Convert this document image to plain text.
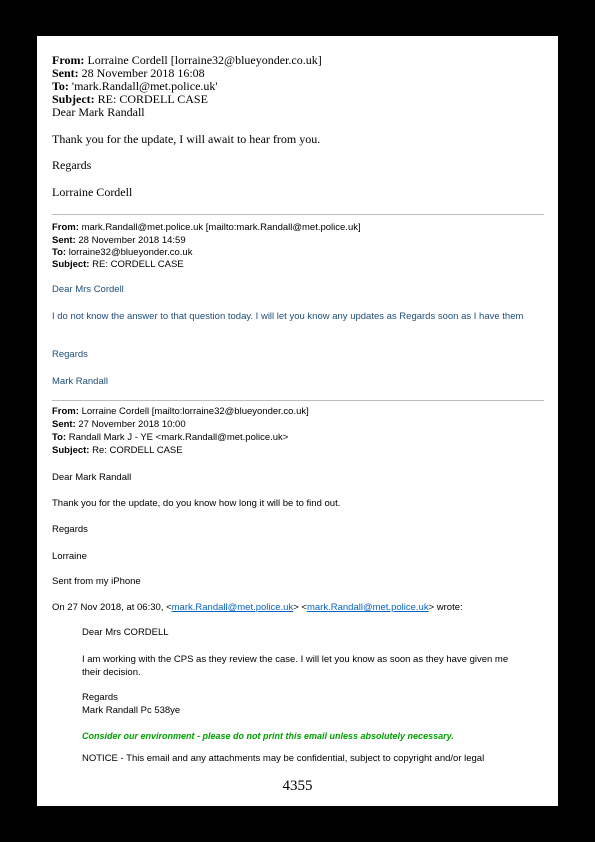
From: Lorraine Cordell [lorraine32@blueyonder.co.uk]
Sent: 28 November 2018 16:08
To: 'mark.Randall@met.police.uk'
Subject: RE: CORDELL CASE
Dear Mark Randall
Thank you for the update, I will await to hear from you.
Regards
Lorraine Cordell
From: mark.Randall@met.police.uk [mailto:mark.Randall@met.police.uk]
Sent: 28 November 2018 14:59
To: lorraine32@blueyonder.co.uk
Subject: RE: CORDELL CASE
Dear Mrs Cordell
I do not know the answer to that question today. I will let you know any updates as Regards soon as I have them
Regards
Mark Randall
From: Lorraine Cordell [mailto:lorraine32@blueyonder.co.uk]
Sent: 27 November 2018 10:00
To: Randall Mark J - YE <mark.Randall@met.police.uk>
Subject: Re: CORDELL CASE
Dear Mark Randall
Thank you for the update, do you know how long it will be to find out.
Regards
Lorraine
Sent from my iPhone
On 27 Nov 2018, at 06:30, <mark.Randall@met.police.uk> <mark.Randall@met.police.uk> wrote:
Dear Mrs CORDELL
I am working with the CPS as they review the case. I will let you know as soon as they have given me their decision.
Regards
Mark Randall Pc 538ye
Consider our environment - please do not print this email unless absolutely necessary.
NOTICE - This email and any attachments may be confidential, subject to copyright and/or legal
4355
